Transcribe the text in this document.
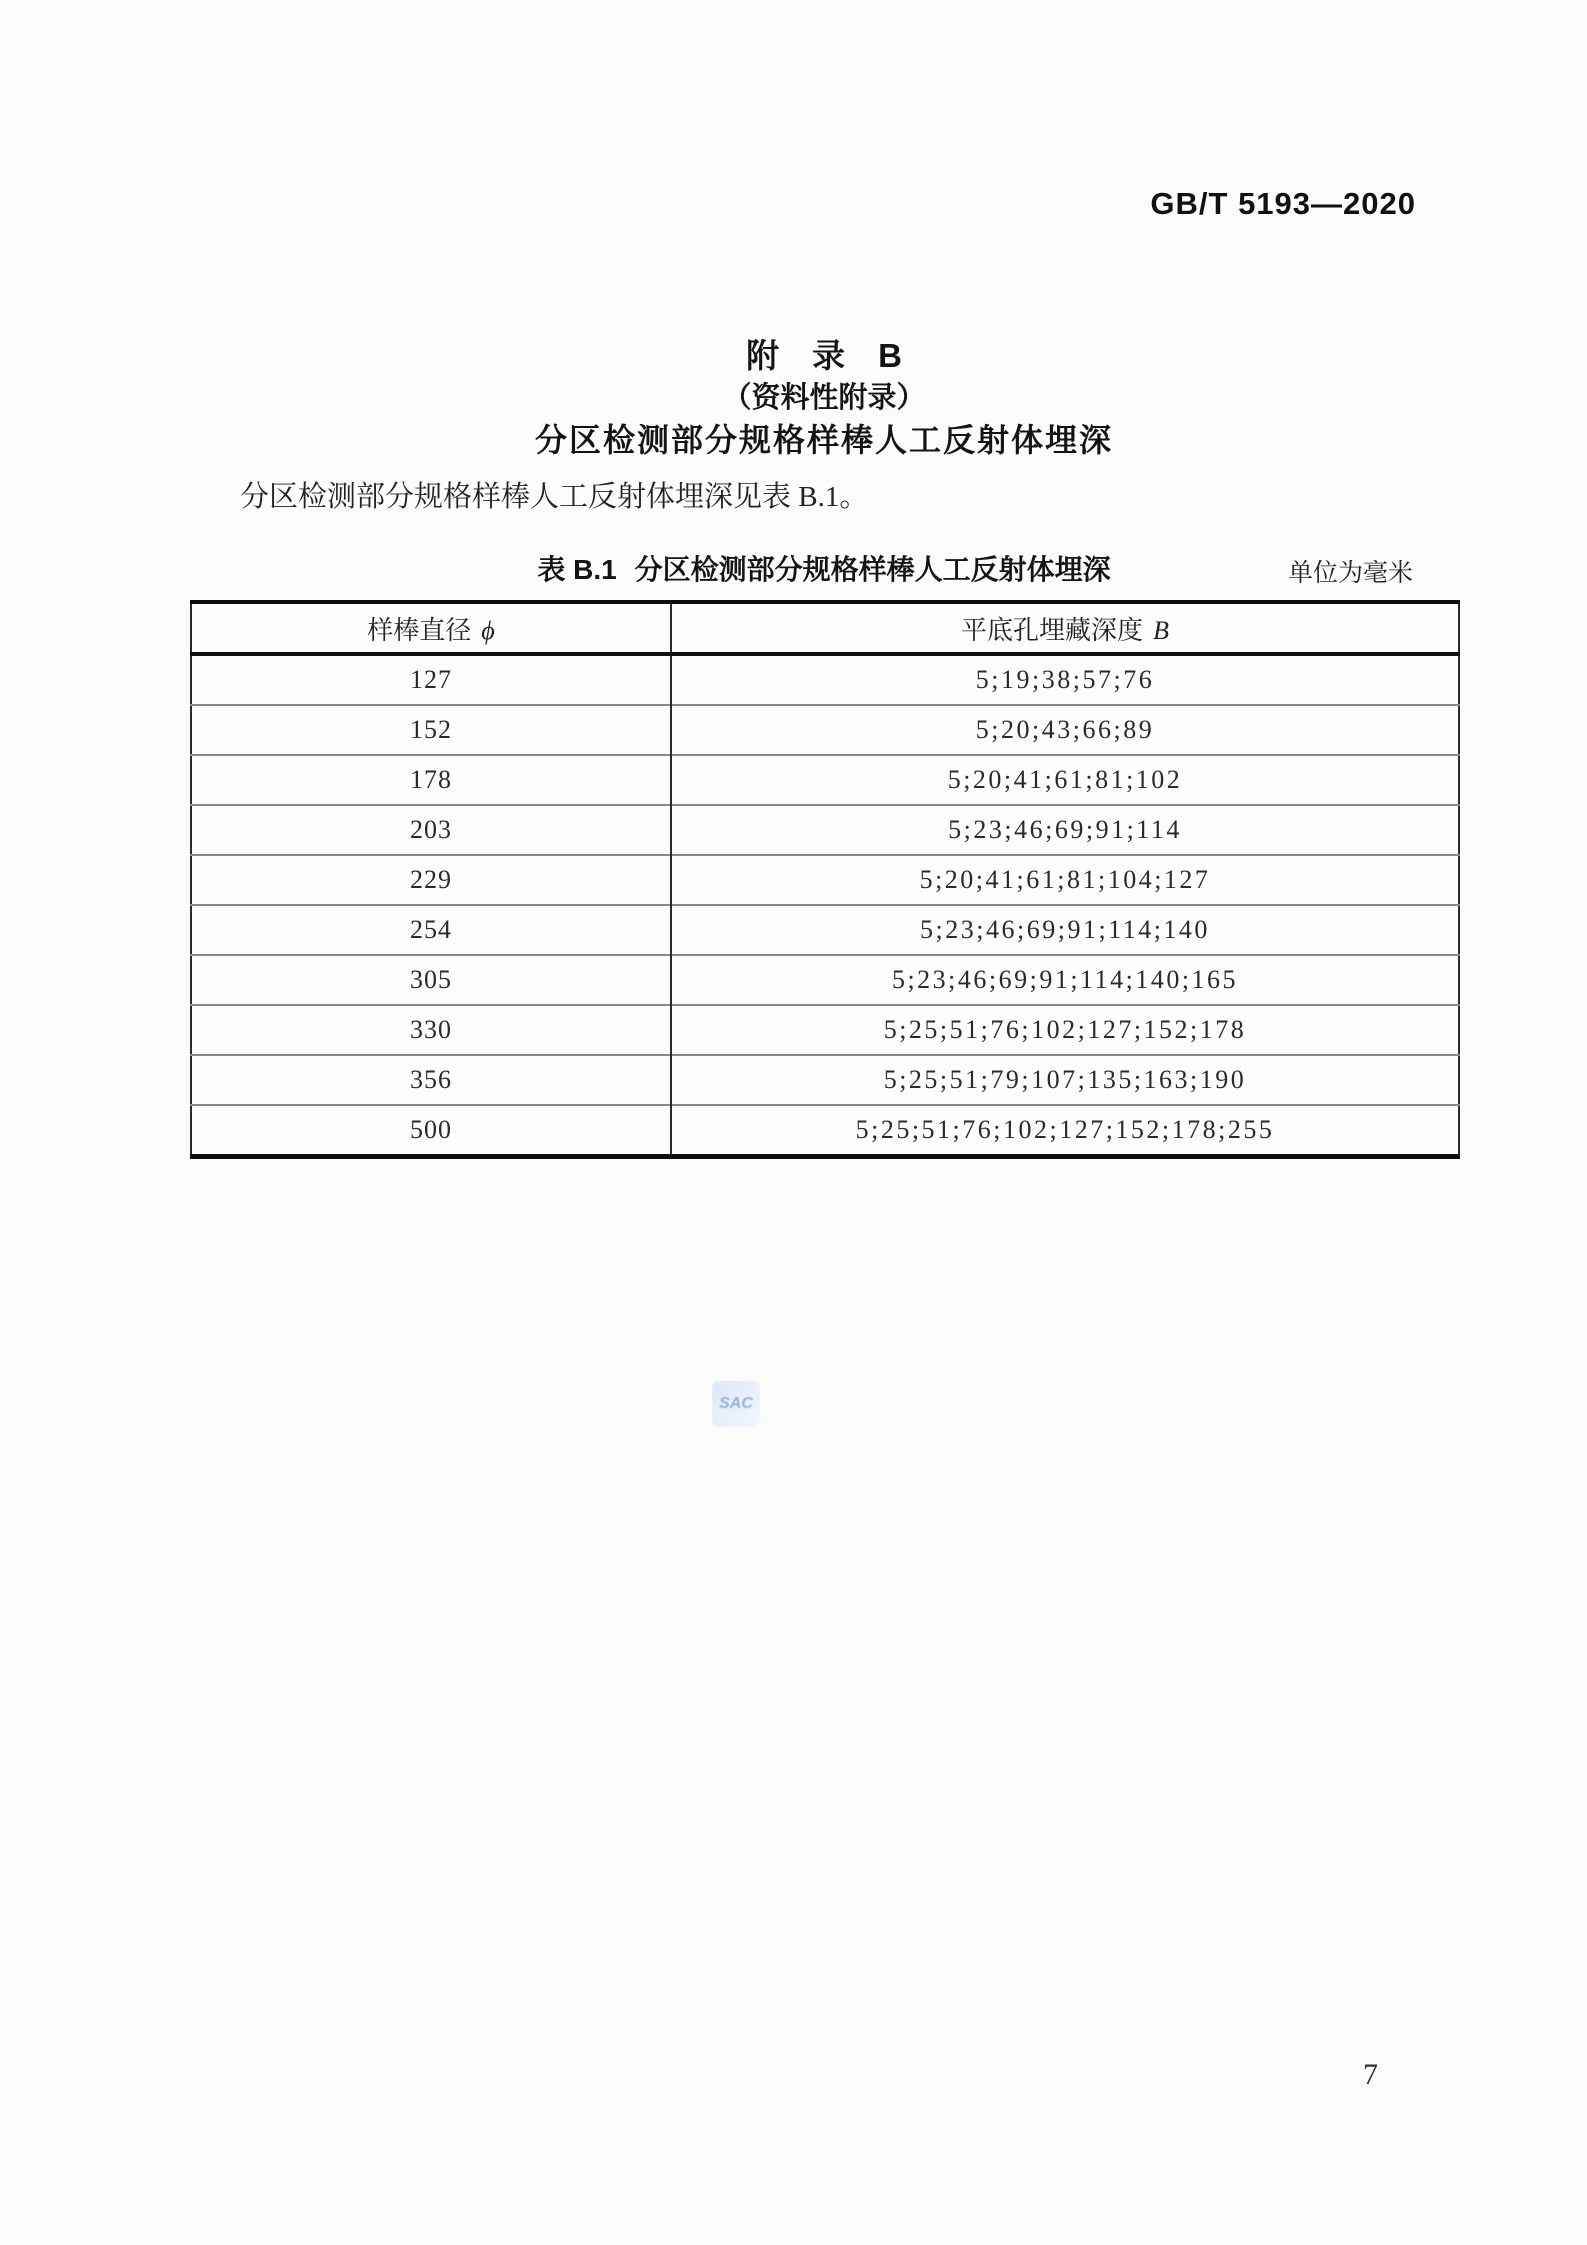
GB/T 5193—2020
附　录　B
（资料性附录）
分区检测部分规格样棒人工反射体埋深
分区检测部分规格样棒人工反射体埋深见表 B.1。
表 B.1 分区检测部分规格样棒人工反射体埋深	单位为毫米
样棒直径 ϕ	平底孔埋藏深度 B
127	5;19;38;57;76
152	5;20;43;66;89
178	5;20;41;61;81;102
203	5;23;46;69;91;114
229	5;20;41;61;81;104;127
254	5;23;46;69;91;114;140
305	5;23;46;69;91;114;140;165
330	5;25;51;76;102;127;152;178
356	5;25;51;79;107;135;163;190
500	5;25;51;76;102;127;152;178;255
SAC
7
